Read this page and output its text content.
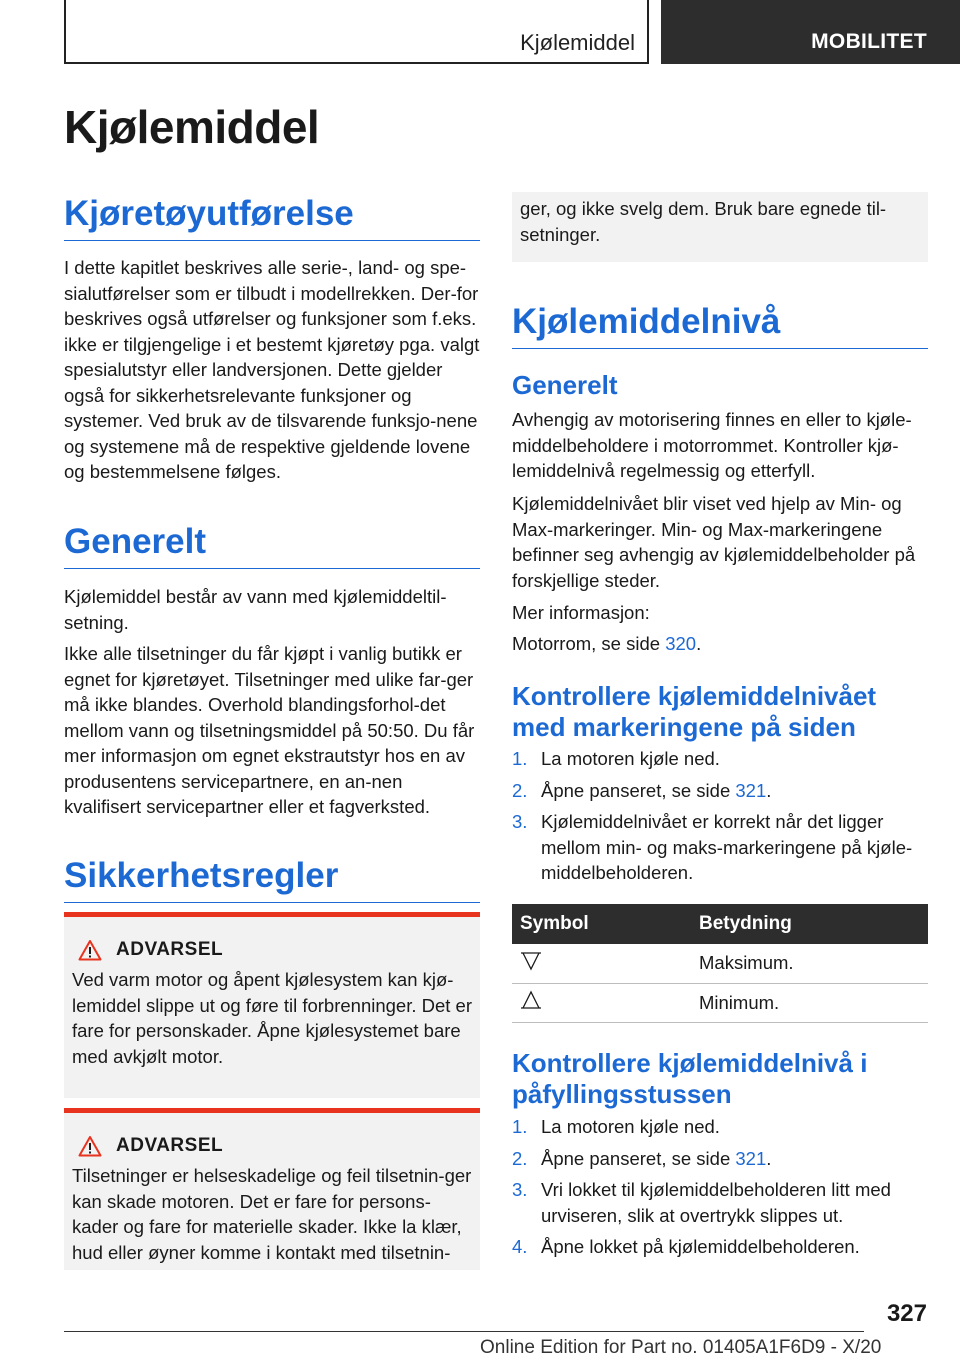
Kjølemiddel	MOBILITET
Kjølemiddel
Kjøretøyutførelse

I dette kapitlet beskrives alle serie-, land- og spe-sialutførelser som er tilbudt i modellrekken. Der-for beskrives også utførelser og funksjoner som f.eks. ikke er tilgjengelige i et bestemt kjøretøy pga. valgt spesialutstyr eller landversjonen. Dette gjelder også for sikkerhetsrelevante funksjoner og systemer. Ved bruk av de tilsvarende funksjo-nene og systemene må de respektive gjeldende lovene og bestemmelsene følges.

Generelt

Kjølemiddel består av vann med kjølemiddeltil-setning.

Ikke alle tilsetninger du får kjøpt i vanlig butikk er egnet for kjøretøyet. Tilsetninger med ulike far-ger må ikke blandes. Overhold blandingsforhol-det mellom vann og tilsetningsmiddel på 50:50. Du får mer informasjon om egnet ekstrautstyr hos en av produsentens servicepartnere, en an-nen kvalifisert servicepartner eller et fagverksted.

Sikkerhetsregler
ADVARSEL

Ved varm motor og åpent kjølesystem kan kjø-lemiddel slippe ut og føre til forbrenninger. Det er fare for personskader. Åpne kjølesystemet bare med avkjølt motor.

ADVARSEL

Tilsetninger er helseskadelige og feil tilsetnin-ger kan skade motoren. Det er fare for persons-kader og fare for materielle skader. Ikke la klær, hud eller øyner komme i kontakt med tilsetnin-

ger, og ikke svelg dem. Bruk bare egnede til-setninger.
Kjølemiddelnivå
Generelt

Avhengig av motorisering finnes en eller to kjøle-middelbeholdere i motorrommet. Kontroller kjø-lemiddelnivå regelmessig og etterfyll.

Kjølemiddelnivået blir viset ved hjelp av Min- og Max-markeringer. Min- og Max-markeringene befinner seg avhengig av kjølemiddelbeholder på forskjellige steder.

Mer informasjon:

Motorrom, se side 320.

Kontrollere kjølemiddelnivået med markeringene på siden
1. La motoren kjøle ned.
2. Åpne panseret, se side 321.
3. Kjølemiddelnivået er korrekt når det ligger mellom min- og maks-markeringene på kjøle-middelbeholderen.
Symbol	Betydning
	Maksimum.
	Minimum.
Kontrollere kjølemiddelnivå i påfyllingsstussen
1. La motoren kjøle ned.
2. Åpne panseret, se side 321.
3. Vri lokket til kjølemiddelbeholderen litt med urviseren, slik at overtrykk slippes ut.
4. Åpne lokket på kjølemiddelbeholderen.
327
Online Edition for Part no. 01405A1F6D9 - X/20
